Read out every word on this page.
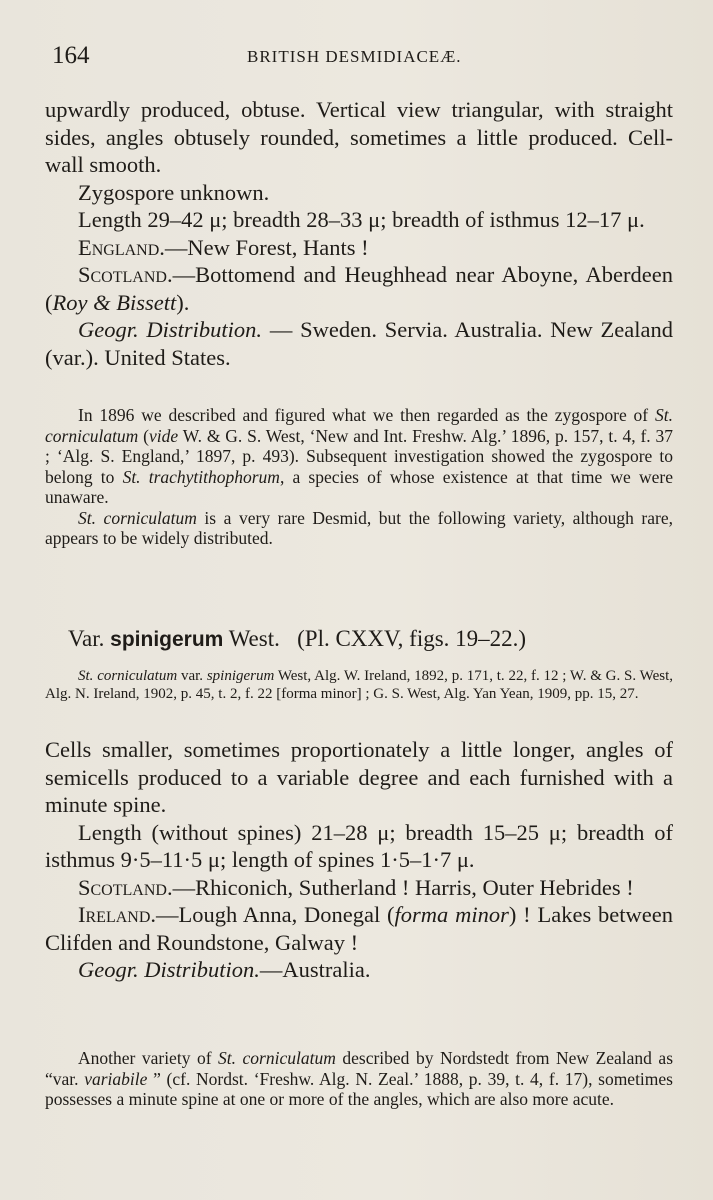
164	BRITISH DESMIDIACEÆ.

upwardly produced, obtuse. Vertical view triangular, with straight sides, angles obtusely rounded, sometimes a little produced. Cell-wall smooth.

Zygospore unknown.

Length 29–42 μ; breadth 28–33 μ; breadth of isthmus 12–17 μ.

England.—New Forest, Hants !

Scotland.—Bottomend and Heughhead near Aboyne, Aberdeen (Roy & Bissett).

Geogr. Distribution. — Sweden. Servia. Australia. New Zealand (var.). United States.

In 1896 we described and figured what we then regarded as the zygospore of St. corniculatum (vide W. & G. S. West, ‘New and Int. Freshw. Alg.’ 1896, p. 157, t. 4, f. 37 ; ‘Alg. S. England,’ 1897, p. 493). Subsequent investigation showed the zygospore to belong to St. trachytithophorum, a species of whose existence at that time we were unaware.

St. corniculatum is a very rare Desmid, but the following variety, although rare, appears to be widely distributed.

Var. spinigerum West. (Pl. CXXV, figs. 19–22.)

St. corniculatum var. spinigerum West, Alg. W. Ireland, 1892, p. 171, t. 22, f. 12 ; W. & G. S. West, Alg. N. Ireland, 1902, p. 45, t. 2, f. 22 [forma minor] ; G. S. West, Alg. Yan Yean, 1909, pp. 15, 27.

Cells smaller, sometimes proportionately a little longer, angles of semicells produced to a variable degree and each furnished with a minute spine.

Length (without spines) 21–28 μ; breadth 15–25 μ; breadth of isthmus 9·5–11·5 μ; length of spines 1·5–1·7 μ.

Scotland.—Rhiconich, Sutherland ! Harris, Outer Hebrides !

Ireland.—Lough Anna, Donegal (forma minor) ! Lakes between Clifden and Roundstone, Galway !

Geogr. Distribution.—Australia.

Another variety of St. corniculatum described by Nordstedt from New Zealand as “var. variabile ” (cf. Nordst. ‘Freshw. Alg. N. Zeal.’ 1888, p. 39, t. 4, f. 17), sometimes possesses a minute spine at one or more of the angles, which are also more acute.
